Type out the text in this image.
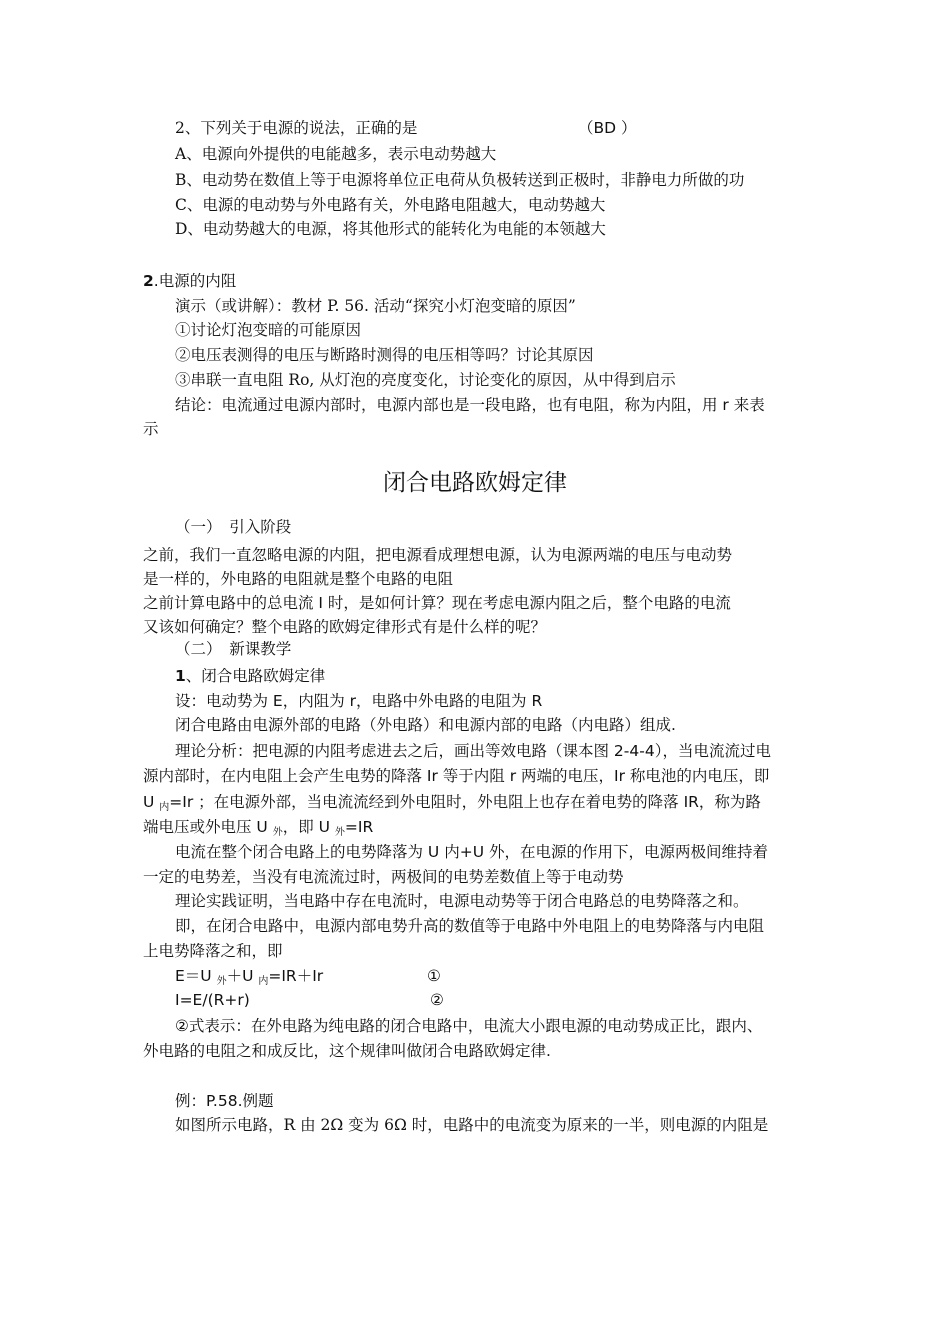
2、下列关于电源的说法，正确的是	（BD ）
A、电源向外提供的电能越多，表示电动势越大
B、电动势在数值上等于电源将单位正电荷从负极转送到正极时，非静电力所做的功
C、电源的电动势与外电路有关，外电路电阻越大，电动势越大
D、电动势越大的电源，将其他形式的能转化为电能的本领越大
2.电源的内阻
演示（或讲解）：教材 P. 56. 活动“探究小灯泡变暗的原因”
①讨论灯泡变暗的可能原因
②电压表测得的电压与断路时测得的电压相等吗？讨论其原因
③串联一直电阻 Ro, 从灯泡的亮度变化，讨论变化的原因，从中得到启示
结论：电流通过电源内部时，电源内部也是一段电路，也有电阻，称为内阻，用 r 来表
示
闭合电路欧姆定律
（一）　引入阶段
之前，我们一直忽略电源的内阻，把电源看成理想电源，认为电源两端的电压与电动势
是一样的，外电路的电阻就是整个电路的电阻
之前计算电路中的总电流 I 时，是如何计算？现在考虑电源内阻之后，整个电路的电流
又该如何确定？整个电路的欧姆定律形式有是什么样的呢？
（二）　新课教学
1、闭合电路欧姆定律
设：电动势为 E，内阻为 r，电路中外电路的电阻为 R
闭合电路由电源外部的电路（外电路）和电源内部的电路（内电路）组成.
理论分析：把电源的内阻考虑进去之后，画出等效电路（课本图 2-4-4），当电流流过电
源内部时，在内电阻上会产生电势的降落 Ir 等于内阻 r 两端的电压，Ir 称电池的内电压，即
U $_内$=Ir ；在电源外部，当电流流经到外电阻时，外电阻上也存在着电势的降落 IR，称为路
端电压或外电压 U $_外$，即 U $_外$=IR
电流在整个闭合电路上的电势降落为 U 内+U 外，在电源的作用下，电源两极间维持着
一定的电势差，当没有电流流过时，两极间的电势差数值上等于电动势
理论实践证明，当电路中存在电流时，电源电动势等于闭合电路总的电势降落之和。
即，在闭合电路中，电源内部电势升高的数值等于电路中外电阻上的电势降落与内电阻
上电势降落之和，即
E＝U $_外$＋U $_内$=IR＋Ir	①
I=E/(R+r)	②
②式表示：在外电路为纯电路的闭合电路中，电流大小跟电源的电动势成正比，跟内、
外电路的电阻之和成反比，这个规律叫做闭合电路欧姆定律.
例：P.58.例题
如图所示电路，R 由 2Ω 变为 6Ω 时，电路中的电流变为原来的一半，则电源的内阻是
